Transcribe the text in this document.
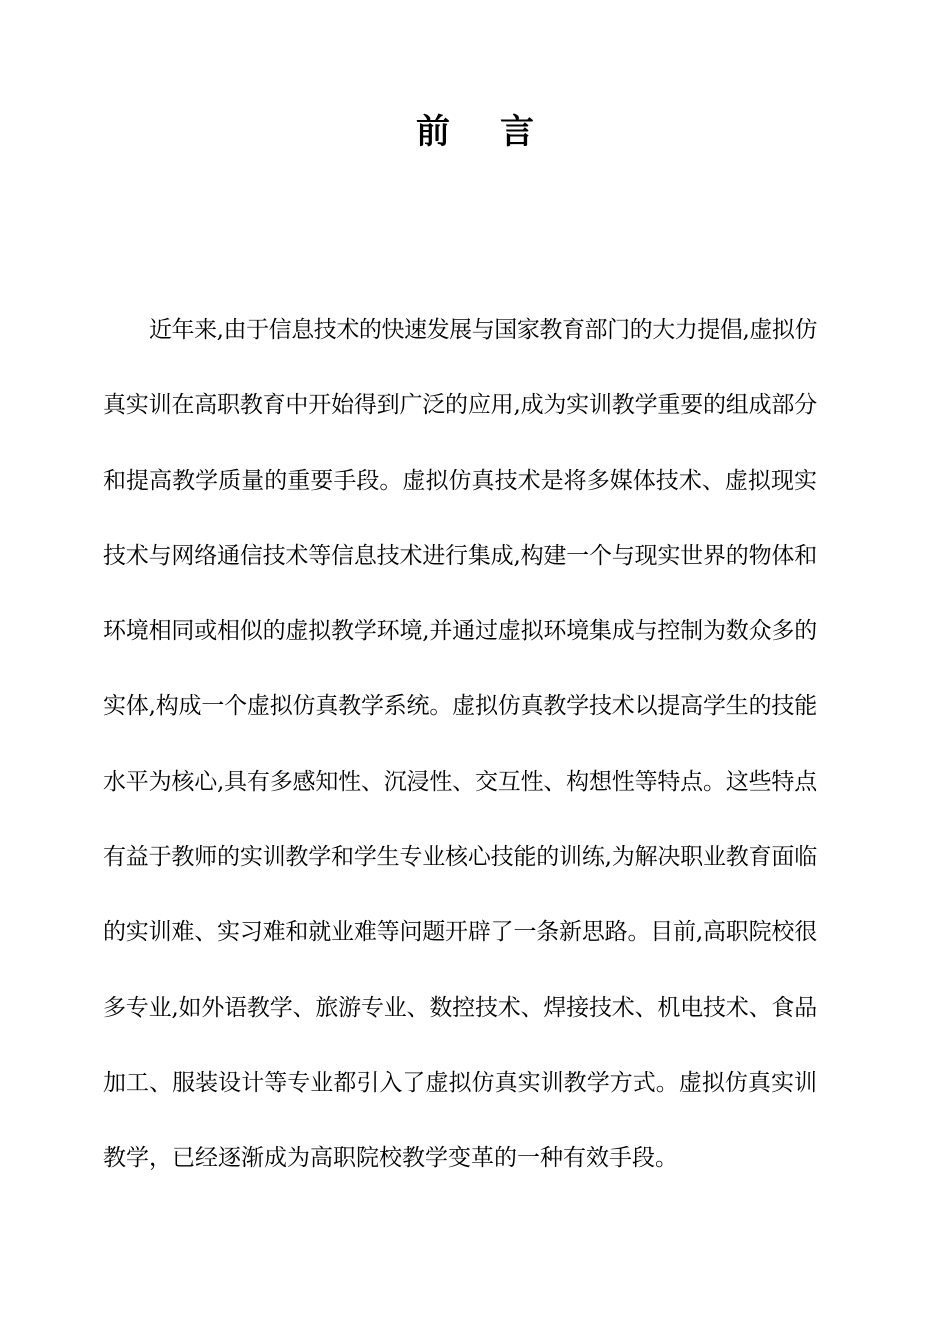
前 言
近年来,由于信息技术的快速发展与国家教育部门的大力提倡,虚拟仿
真实训在高职教育中开始得到广泛的应用,成为实训教学重要的组成部分
和提高教学质量的重要手段。虚拟仿真技术是将多媒体技术、虚拟现实
技术与网络通信技术等信息技术进行集成,构建一个与现实世界的物体和
环境相同或相似的虚拟教学环境,并通过虚拟环境集成与控制为数众多的
实体,构成一个虚拟仿真教学系统。虚拟仿真教学技术以提高学生的技能
水平为核心,具有多感知性、沉浸性、交互性、构想性等特点。这些特点
有益于教师的实训教学和学生专业核心技能的训练,为解决职业教育面临
的实训难、实习难和就业难等问题开辟了一条新思路。目前,高职院校很
多专业,如外语教学、旅游专业、数控技术、焊接技术、机电技术、食品
加工、服装设计等专业都引入了虚拟仿真实训教学方式。虚拟仿真实训
教学，已经逐渐成为高职院校教学变革的一种有效手段。
